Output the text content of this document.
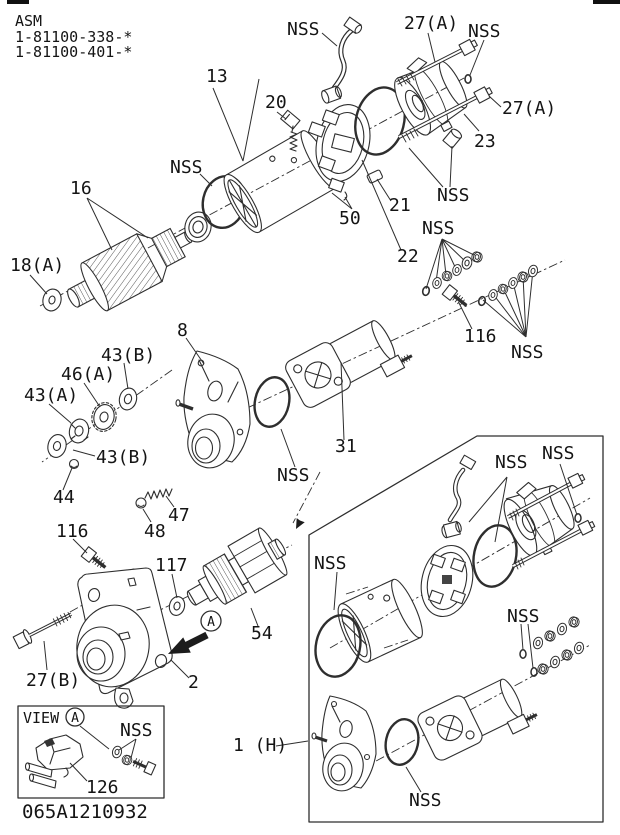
A
ASM
1-81100-338-*
1-81100-401-*
13
NSS	27(A) NSS
27(A)
23
20
NSS
16
18(A)
NSS
21
50
22
NSS
116
NSS
8
31
NSS
43(B)
46(A)
43(A)
43(B)
44
47
48
116
117
54
2
27(B)
1 (H)
NSS NSS
NSS
NSS
NSS
VIEW A
NSS
126
065A1210932
